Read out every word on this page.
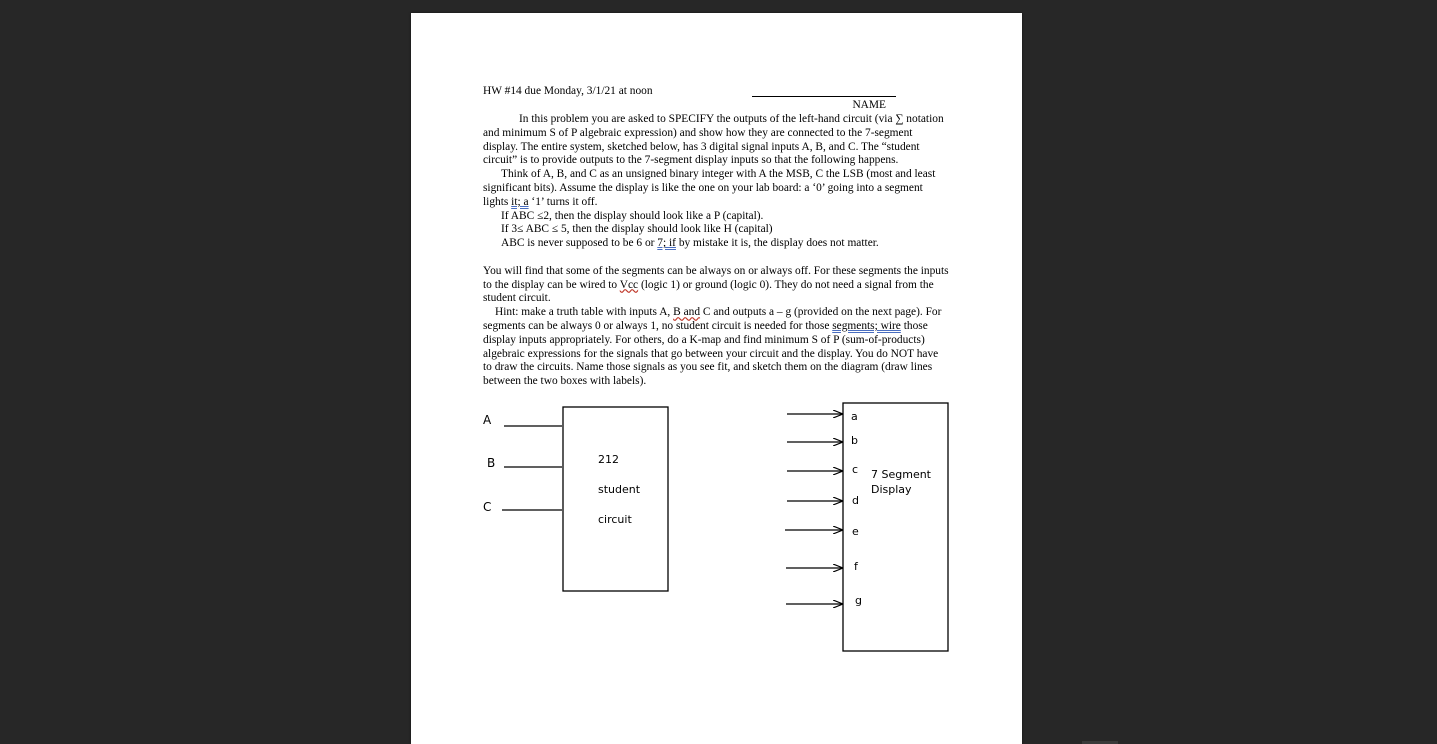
HW #14 due Monday, 3/1/21 at noon
NAME

In this problem you are asked to SPECIFY the outputs of the left-hand circuit (via ∑ notation and minimum S of P algebraic expression) and show how they are connected to the 7-segment display. The entire system, sketched below, has 3 digital signal inputs A, B, and C. The “student circuit” is to provide outputs to the 7-segment display inputs so that the following happens.

Think of A, B, and C as an unsigned binary integer with A the MSB, C the LSB (most and least significant bits). Assume the display is like the one on your lab board: a ‘0’ going into a segment lights it; a ‘1’ turns it off.

If ABC ≤2, then the display should look like a P (capital).

If 3≤ ABC ≤ 5, then the display should look like H (capital)

ABC is never supposed to be 6 or 7; if by mistake it is, the display does not matter.

You will find that some of the segments can be always on or always off. For these segments the inputs to the display can be wired to Vcc (logic 1) or ground (logic 0). They do not need a signal from the student circuit.

Hint: make a truth table with inputs A, B and C and outputs a – g (provided on the next page). For segments can be always 0 or always 1, no student circuit is needed for those segments; wire those display inputs appropriately. For others, do a K-map and find minimum S of P (sum-of-products) algebraic expressions for the signals that go between your circuit and the display. You do NOT have to draw the circuits. Name those signals as you see fit, and sketch them on the diagram (draw lines between the two boxes with labels).

A
B
C
212
student
circuit
a
b
c
d
e
f
g
7 Segment
Display
